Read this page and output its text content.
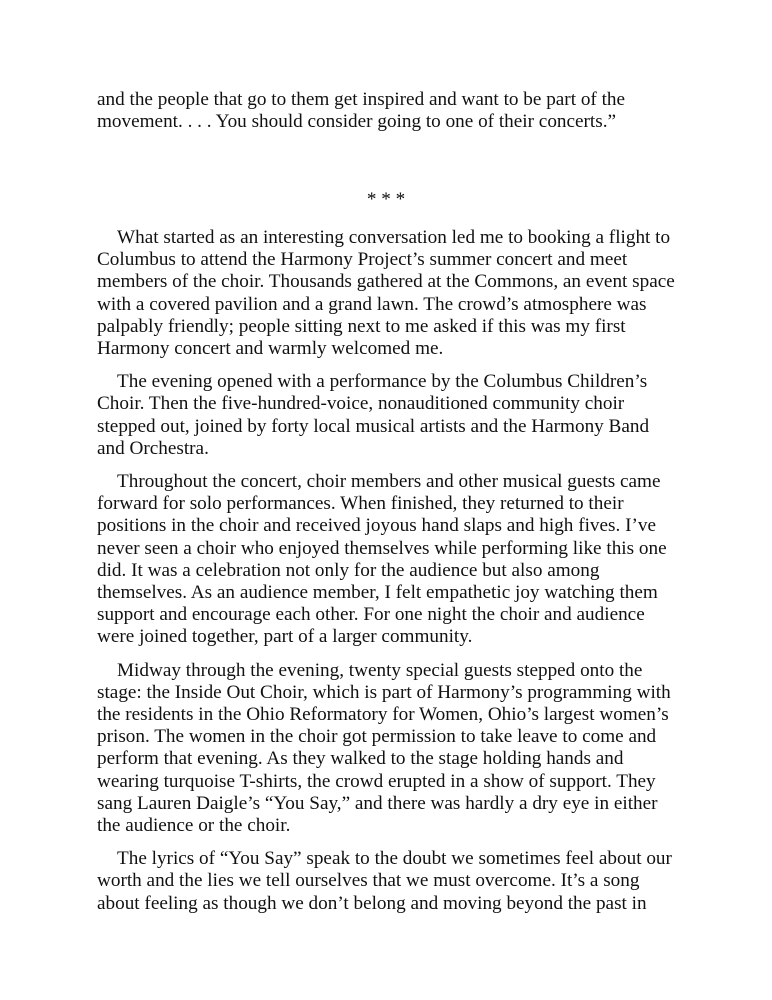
and the people that go to them get inspired and want to be part of the movement. . . . You should consider going to one of their concerts.”

* * *

What started as an interesting conversation led me to booking a flight to Columbus to attend the Harmony Project’s summer concert and meet members of the choir. Thousands gathered at the Commons, an event space with a covered pavilion and a grand lawn. The crowd’s atmosphere was palpably friendly; people sitting next to me asked if this was my first Harmony concert and warmly welcomed me.

The evening opened with a performance by the Columbus Children’s Choir. Then the five-hundred-voice, nonauditioned community choir stepped out, joined by forty local musical artists and the Harmony Band and Orchestra.

Throughout the concert, choir members and other musical guests came forward for solo performances. When finished, they returned to their positions in the choir and received joyous hand slaps and high fives. I’ve never seen a choir who enjoyed themselves while performing like this one did. It was a celebration not only for the audience but also among themselves. As an audience member, I felt empathetic joy watching them support and encourage each other. For one night the choir and audience were joined together, part of a larger community.

Midway through the evening, twenty special guests stepped onto the stage: the Inside Out Choir, which is part of Harmony’s programming with the residents in the Ohio Reformatory for Women, Ohio’s largest women’s prison. The women in the choir got permission to take leave to come and perform that evening. As they walked to the stage holding hands and wearing turquoise T-shirts, the crowd erupted in a show of support. They sang Lauren Daigle’s “You Say,” and there was hardly a dry eye in either the audience or the choir.

The lyrics of “You Say” speak to the doubt we sometimes feel about our worth and the lies we tell ourselves that we must overcome. It’s a song about feeling as though we don’t belong and moving beyond the past in
